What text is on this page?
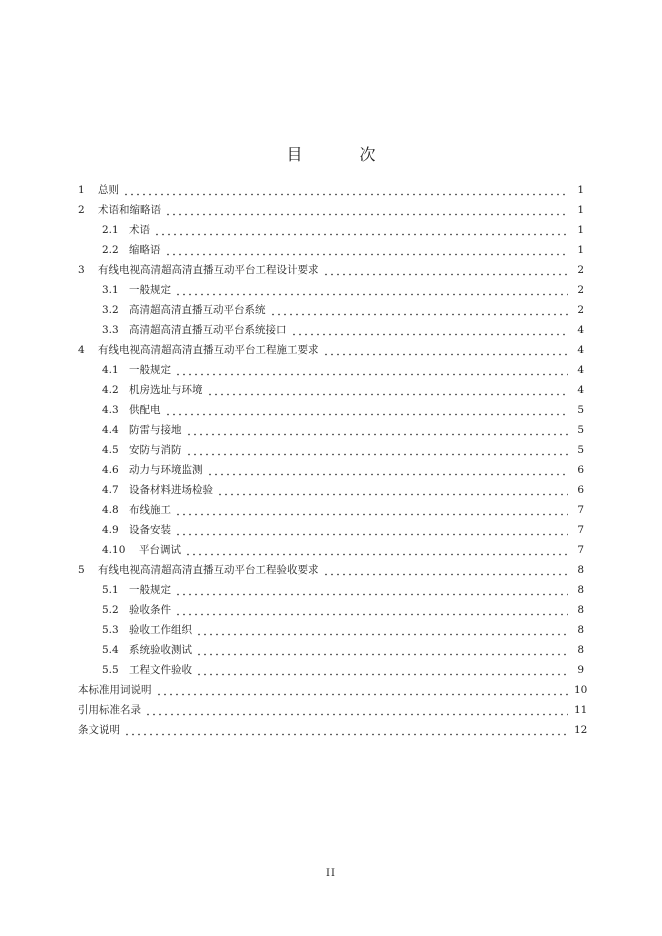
目 次
1	总则	1
2	术语和缩略语	1
2.1 术语	1
2.2 缩略语	1
3	有线电视高清超高清直播互动平台工程设计要求	2
3.1 一般规定	2
3.2 高清超高清直播互动平台系统	2
3.3 高清超高清直播互动平台系统接口	4
4	有线电视高清超高清直播互动平台工程施工要求	4
4.1 一般规定	4
4.2 机房选址与环境	4
4.3 供配电	5
4.4 防雷与接地	5
4.5 安防与消防	5
4.6 动力与环境监测	6
4.7 设备材料进场检验	6
4.8 布线施工	7
4.9 设备安装	7
4.10	平台调试	7
5	有线电视高清超高清直播互动平台工程验收要求	8
5.1 一般规定	8
5.2 验收条件	8
5.3 验收工作组织	8
5.4 系统验收测试	8
5.5 工程文件验收	9
本标准用词说明	10
引用标准名录	11
条文说明	12
II
